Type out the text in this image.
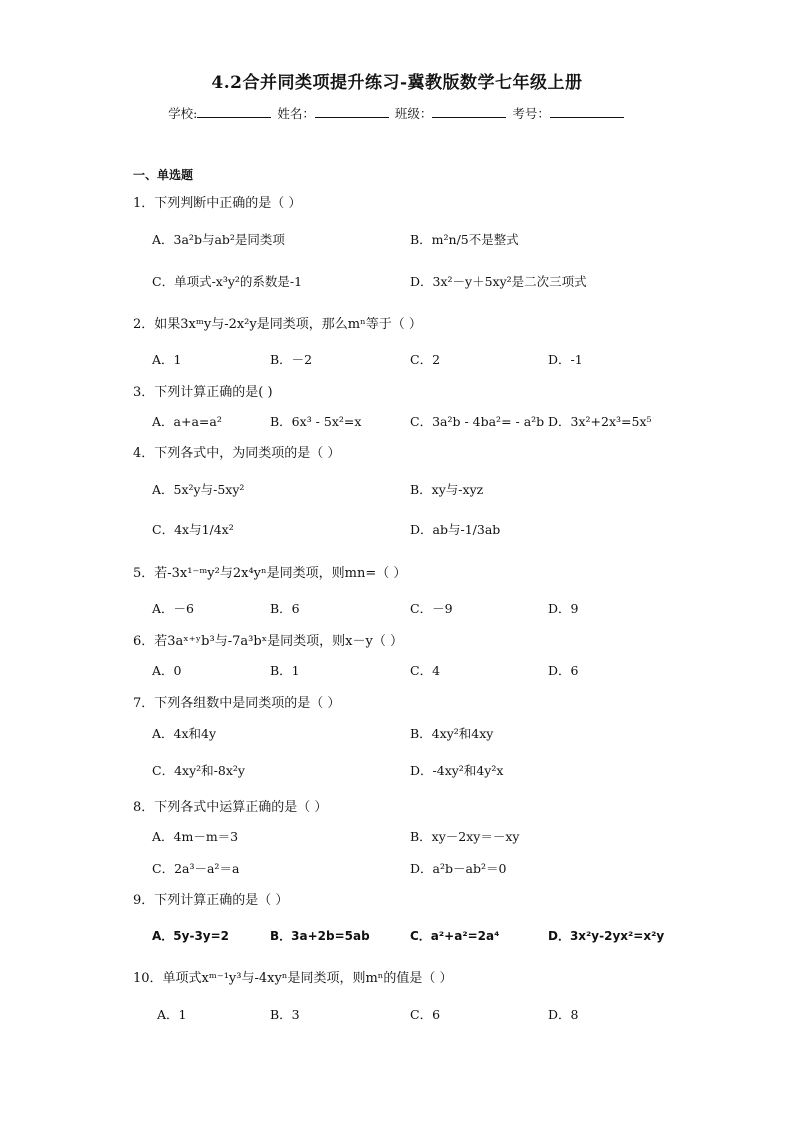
4.2合并同类项提升练习-冀教版数学七年级上册
学校:	姓名：	班级：	考号：
一、单选题
1．下列判断中正确的是（ ）
A．3a²b与ab²是同类项	B．m²n/5不是整式
C．单项式-x³y²的系数是-1	D．3x²－y＋5xy²是二次三项式
2．如果3xᵐy与-2x²y是同类项，那么mⁿ等于（ ）
A．1	B．－2	C．2	D．-1
3．下列计算正确的是( )
A．a+a=a²	B．6x³ - 5x²=x	C．3a²b - 4ba²= - a²b D．3x²+2x³=5x⁵
4．下列各式中，为同类项的是（ ）
A．5x²y与-5xy²	B．xy与-xyz
C．4x与1/4x²	D．ab与-1/3ab
5．若-3x¹⁻ᵐy²与2x⁴yⁿ是同类项，则mn=（ ）
A．－6	B．6	C．－9	D．9
6．若3aˣ⁺ʸb³与-7a³bˣ是同类项，则x－y（ ）
A．0	B．1	C．4	D．6
7．下列各组数中是同类项的是（ ）
A．4x和4y	B．4xy²和4xy
C．4xy²和-8x²y	D．-4xy²和4y²x
8．下列各式中运算正确的是（ ）
A．4m－m＝3	B．xy－2xy＝－xy
C．2a³－a²＝a	D．a²b－ab²＝0
9．下列计算正确的是（ ）
A．5y-3y=2	B．3a+2b=5ab	C．a²+a²=2a⁴	D．3x²y-2yx²=x²y
10．单项式xᵐ⁻¹y³与-4xyⁿ是同类项，则mⁿ的值是（ ）
A．1	B．3	C．6	D．8
